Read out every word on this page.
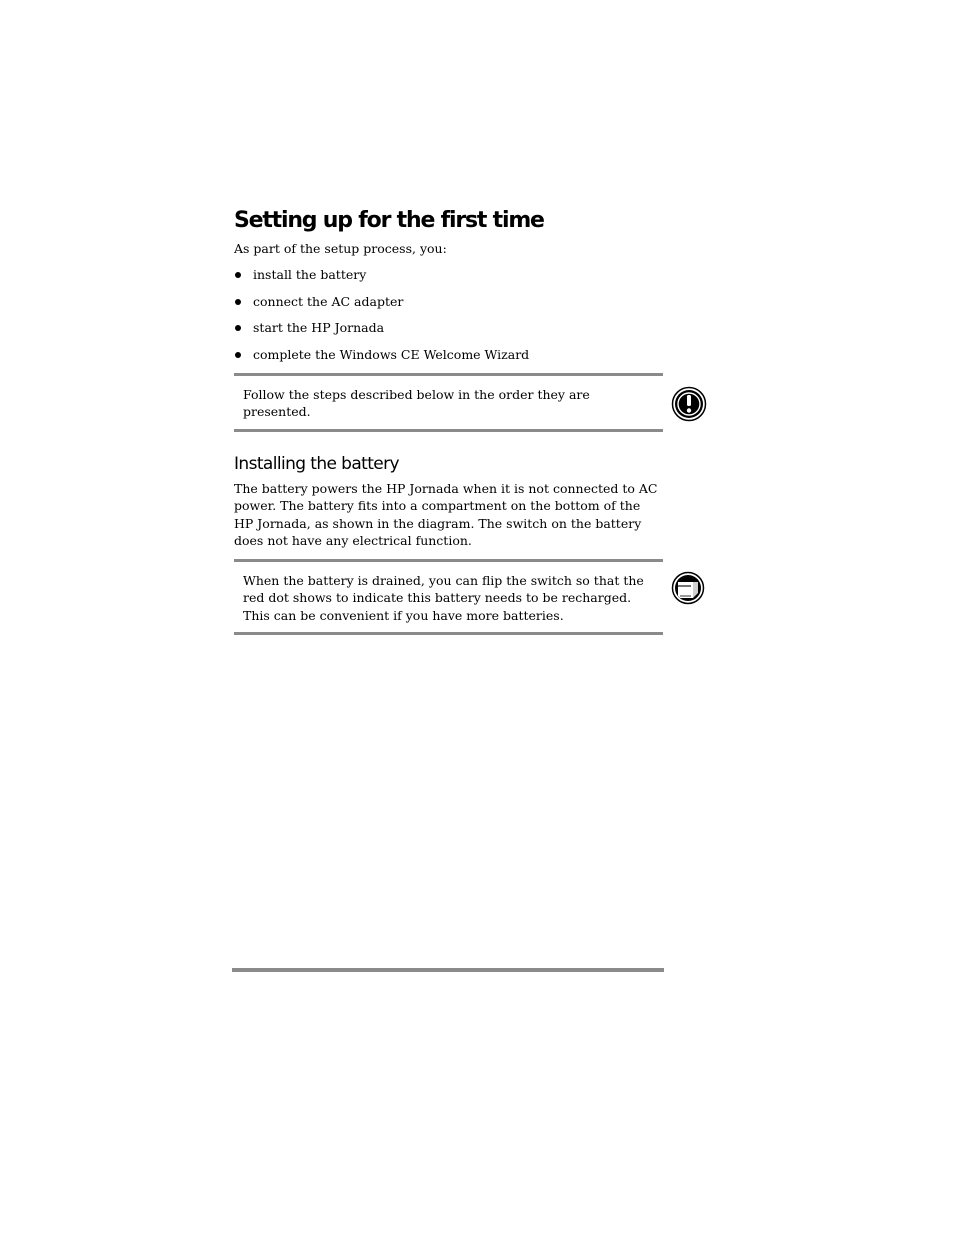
Setting up for the first time

As part of the setup process, you:

install the battery
connect the AC adapter
start the HP Jornada
complete the Windows CE Welcome Wizard

Follow the steps described below in the order they are presented.

Installing the battery

The battery powers the HP Jornada when it is not connected to AC power. The battery fits into a compartment on the bottom of the HP Jornada, as shown in the diagram. The switch on the battery does not have any electrical function.

When the battery is drained, you can flip the switch so that the red dot shows to indicate this battery needs to be recharged. This can be convenient if you have more batteries.
